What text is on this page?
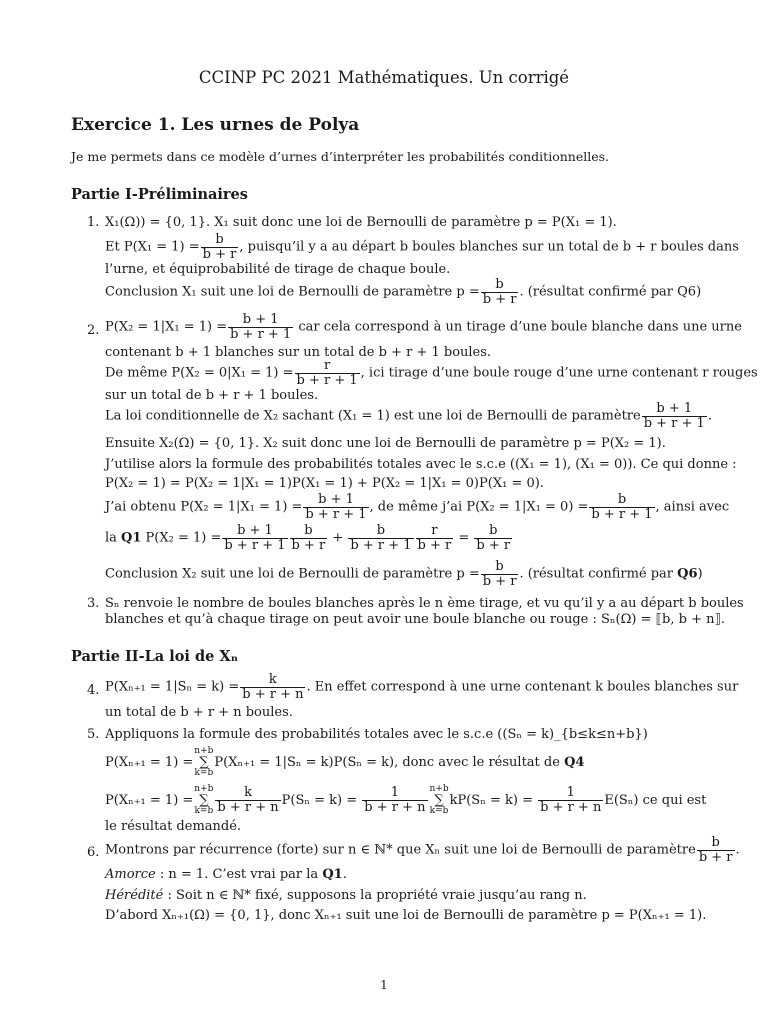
CCINP PC 2021 Mathématiques. Un corrigé
Exercice 1. Les urnes de Polya
Je me permets dans ce modèle d’urnes d’interpréter les probabilités conditionnelles.
Partie I-Préliminaires
1. X₁(Ω)) = {0, 1}. X₁ suit donc une loi de Bernoulli de paramètre p = P(X₁ = 1).
Et $P(X_1 = 1) = \frac{b}{b + r}$ , puisqu’il y a au départ b boules blanches sur un total de b + r boules dans
l’urne, et équiprobabilité de tirage de chaque boule.
Conclusion X₁ suit une loi de Bernoulli de paramètre $p = \frac{b}{b + r}$ . (résultat confirmé par Q6)
2. $P(X_2 = 1|X_1 = 1) = \frac{b + 1}{b + r + 1}$ car cela correspond à un tirage d’une boule blanche dans une urne
contenant b + 1 blanches sur un total de b + r + 1 boules.
De même $P(X_2 = 0|X_1 = 1) = \frac{r}{b + r + 1}$ , ici tirage d’une boule rouge d’une urne contenant r rouges
sur un total de b + r + 1 boules.
La loi conditionnelle de X₂ sachant (X₁ = 1) est une loi de Bernoulli de paramètre $\frac{b + 1}{b + r + 1}$ .
Ensuite X₂(Ω) = {0, 1}. X₂ suit donc une loi de Bernoulli de paramètre p = P(X₂ = 1).
J’utilise alors la formule des probabilités totales avec le s.c.e ((X₁ = 1), (X₁ = 0)). Ce qui donne :
P(X₂ = 1) = P(X₂ = 1|X₁ = 1)P(X₁ = 1) + P(X₂ = 1|X₁ = 0)P(X₁ = 0).
J’ai obtenu $P(X_2 = 1|X_1 = 1) = \frac{b + 1}{b + r + 1}$ , de même j’ai $P(X_2 = 1|X_1 = 0) = \frac{b}{b + r + 1}$ , ainsi avec
la Q1 $P(X_2 = 1) = \frac{b + 1}{b + r + 1} \frac{b}{b + r} + \frac{b}{b + r + 1} \frac{r}{b + r} = \frac{b}{b + r}$
Conclusion X₂ suit une loi de Bernoulli de paramètre $p = \frac{b}{b + r}$ . (résultat confirmé par Q6)
3. Sₙ renvoie le nombre de boules blanches après le n ème tirage, et vu qu’il y a au départ b boules
blanches et qu’à chaque tirage on peut avoir une boule blanche ou rouge : Sₙ(Ω) = ⟦b, b + n⟧.
Partie II-La loi de Xₙ
4. $P(X_{n+1} = 1|S_n = k) = \frac{k}{b + r + n}$ . En effet correspond à une urne contenant k boules blanches sur
un total de b + r + n boules.
5. Appliquons la formule des probabilités totales avec le s.c.e ((Sₙ = k)_{b≤k≤n+b})
P(Xₙ₊₁ = 1) =n+b
∑
k=bP(Xₙ₊₁ = 1|Sₙ = k)P(Sₙ = k), donc avec le résultat de Q4
P(Xₙ₊₁ = 1) =n+b
∑
$k=b \frac{k}{b + r + n} P(S_n = k) = \frac{1}{b + r + n} n+b$
∑
$k=bkP(S_n = k) = \frac{1}{b + r + n} E(S_n)$ ce qui est
le résultat demandé.
6. Montrons par récurrence (forte) sur n ∈ ℕ* que Xₙ suit une loi de Bernoulli de paramètre $\frac{b}{b + r}$ .
Amorce : n = 1. C’est vrai par la Q1.
Hérédité : Soit n ∈ ℕ* fixé, supposons la propriété vraie jusqu’au rang n.
D’abord Xₙ₊₁(Ω) = {0, 1}, donc Xₙ₊₁ suit une loi de Bernoulli de paramètre p = P(Xₙ₊₁ = 1).
1
